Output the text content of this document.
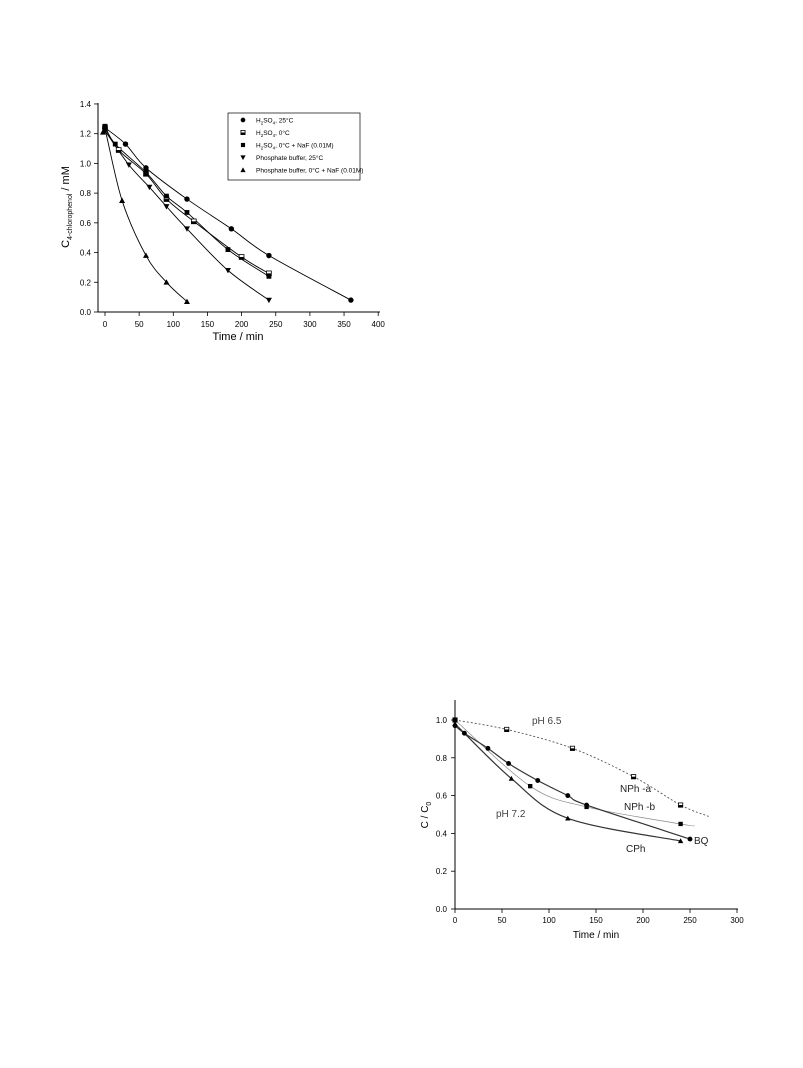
0	50	100	150	200	250	300	350	400
0.0
0.2
0.4
0.6
0.8
1.0
1.2
1.4
Time / min
$C_{4-chlorophenol}$ / mM
$H_2SO_4$, 25°C
$H_2SO_4$, 0°C
$H_2SO_4$, 0°C + NaF (0.01M)
Phosphate buffer, 25°C
Phosphate buffer, 0°C + NaF (0.01M)
0	50	100	150	200	250	300
0.0
0.2
0.4
0.6
0.8
1.0
NPh -a
NPh -b
BQ
CPh
Time / min
C / $C_0$
pH 6.5
pH 7.2
